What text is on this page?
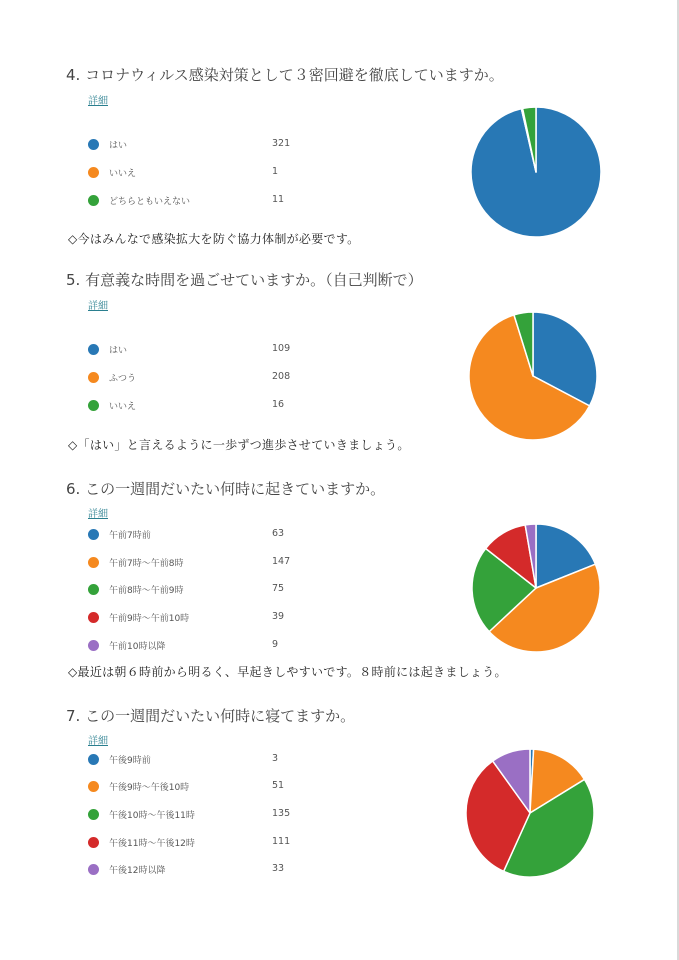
4. コロナウィルス感染対策として３密回避を徹底していますか。
詳細
はい	321
いいえ	1
どちらともいえない	11

◇今はみんなで感染拡大を防ぐ協力体制が必要です。

5. 有意義な時間を過ごせていますか。（自己判断で）
詳細
はい	109
ふつう	208
いいえ	16

◇「はい」と言えるように一歩ずつ進歩させていきましょう。

6. この一週間だいたい何時に起きていますか。
詳細
午前7時前	63
午前7時～午前8時	147
午前8時～午前9時	75
午前9時～午前10時	39
午前10時以降	9

◇最近は朝６時前から明るく、早起きしやすいです。８時前には起きましょう。

7. この一週間だいたい何時に寝てますか。
詳細
午後9時前	3
午後9時～午後10時	51
午後10時～午後11時	135
午後11時～午後12時	111
午後12時以降	33
